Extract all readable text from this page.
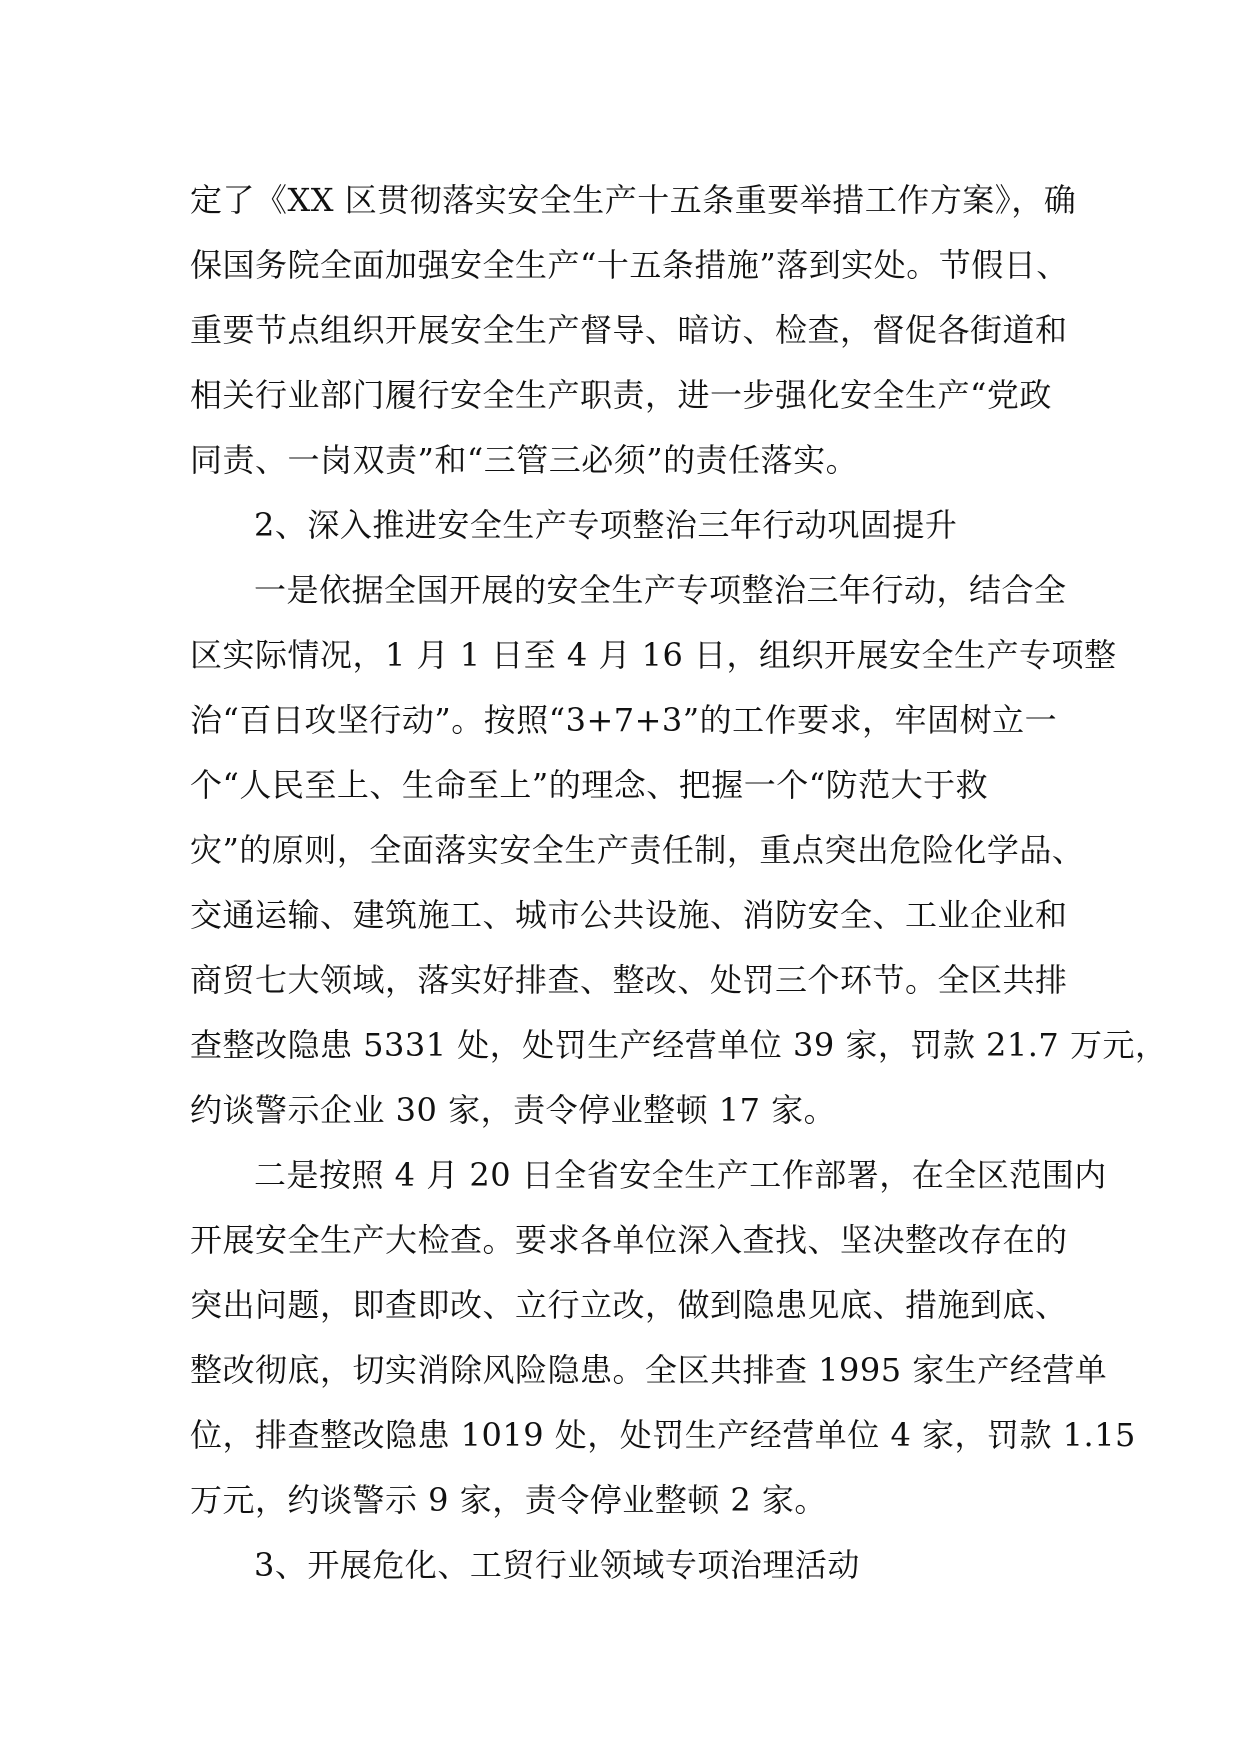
定了《XX 区贯彻落实安全生产十五条重要举措工作方案》，确
保国务院全面加强安全生产“十五条措施”落到实处。节假日、
重要节点组织开展安全生产督导、暗访、检查，督促各街道和
相关行业部门履行安全生产职责，进一步强化安全生产“党政
同责、一岗双责”和“三管三必须”的责任落实。
2、深入推进安全生产专项整治三年行动巩固提升
一是依据全国开展的安全生产专项整治三年行动，结合全
区实际情况，1 月 1 日至 4 月 16 日，组织开展安全生产专项整
治“百日攻坚行动”。按照“3+7+3”的工作要求，牢固树立一
个“人民至上、生命至上”的理念、把握一个“防范大于救
灾”的原则，全面落实安全生产责任制，重点突出危险化学品、
交通运输、建筑施工、城市公共设施、消防安全、工业企业和
商贸七大领域，落实好排查、整改、处罚三个环节。全区共排
查整改隐患 5331 处，处罚生产经营单位 39 家，罚款 21.7 万元，
约谈警示企业 30 家，责令停业整顿 17 家。
二是按照 4 月 20 日全省安全生产工作部署，在全区范围内
开展安全生产大检查。要求各单位深入查找、坚决整改存在的
突出问题，即查即改、立行立改，做到隐患见底、措施到底、
整改彻底，切实消除风险隐患。全区共排查 1995 家生产经营单
位，排查整改隐患 1019 处，处罚生产经营单位 4 家，罚款 1.15
万元，约谈警示 9 家，责令停业整顿 2 家。
3、开展危化、工贸行业领域专项治理活动
